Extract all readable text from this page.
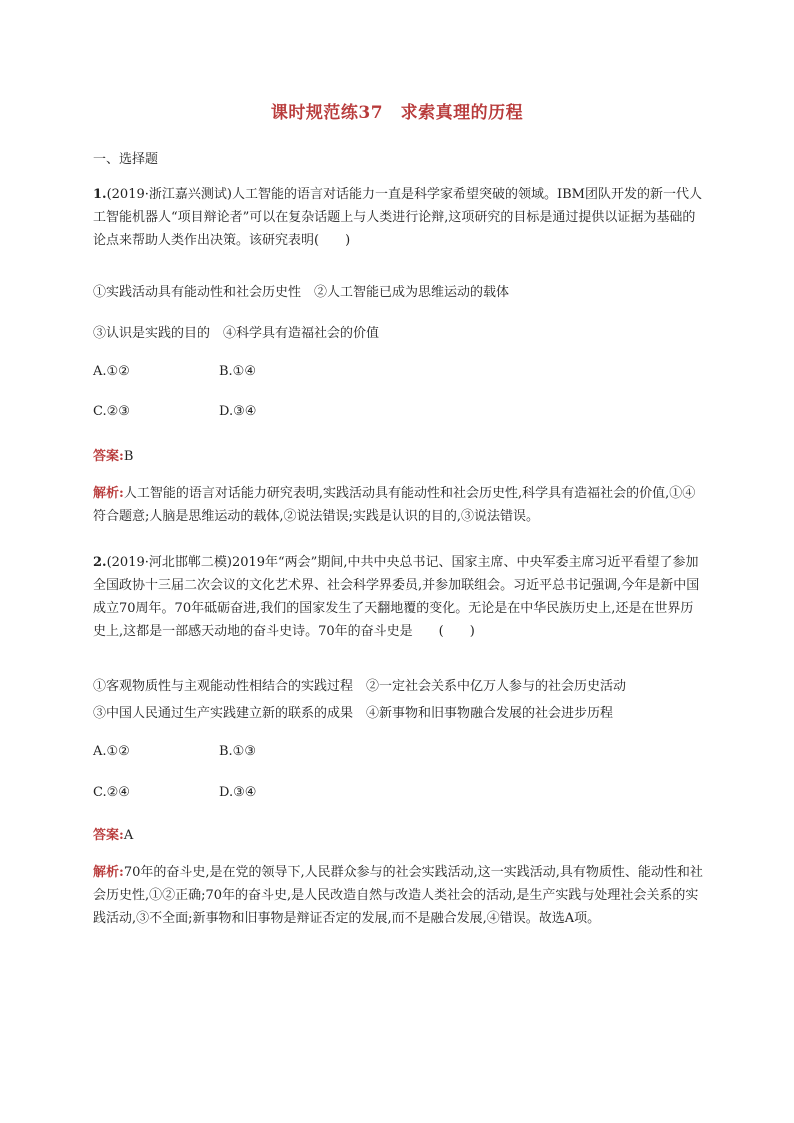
课时规范练37　求索真理的历程
一、选择题
1.(2019·浙江嘉兴测试)人工智能的语言对话能力一直是科学家希望突破的领域。IBM团队开发的新一代人工智能机器人“项目辩论者”可以在复杂话题上与人类进行论辩,这项研究的目标是通过提供以证据为基础的论点来帮助人类作出决策。该研究表明(　　)
①实践活动具有能动性和社会历史性　②人工智能已成为思维运动的载体
③认识是实践的目的　④科学具有造福社会的价值
A.①②	B.①④
C.②③	D.③④
答案:B
解析:人工智能的语言对话能力研究表明,实践活动具有能动性和社会历史性,科学具有造福社会的价值,①④符合题意;人脑是思维运动的载体,②说法错误;实践是认识的目的,③说法错误。
2.(2019·河北邯郸二模)2019年“两会”期间,中共中央总书记、国家主席、中央军委主席习近平看望了参加全国政协十三届二次会议的文化艺术界、社会科学界委员,并参加联组会。习近平总书记强调,今年是新中国成立70周年。70年砥砺奋进,我们的国家发生了天翻地覆的变化。无论是在中华民族历史上,还是在世界历史上,这都是一部感天动地的奋斗史诗。70年的奋斗史是　　(　　)
①客观物质性与主观能动性相结合的实践过程　②一定社会关系中亿万人参与的社会历史活动
③中国人民通过生产实践建立新的联系的成果　④新事物和旧事物融合发展的社会进步历程
A.①②	B.①③
C.②④	D.③④
答案:A
解析:70年的奋斗史,是在党的领导下,人民群众参与的社会实践活动,这一实践活动,具有物质性、能动性和社会历史性,①②正确;70年的奋斗史,是人民改造自然与改造人类社会的活动,是生产实践与处理社会关系的实践活动,③不全面;新事物和旧事物是辩证否定的发展,而不是融合发展,④错误。故选A项。
